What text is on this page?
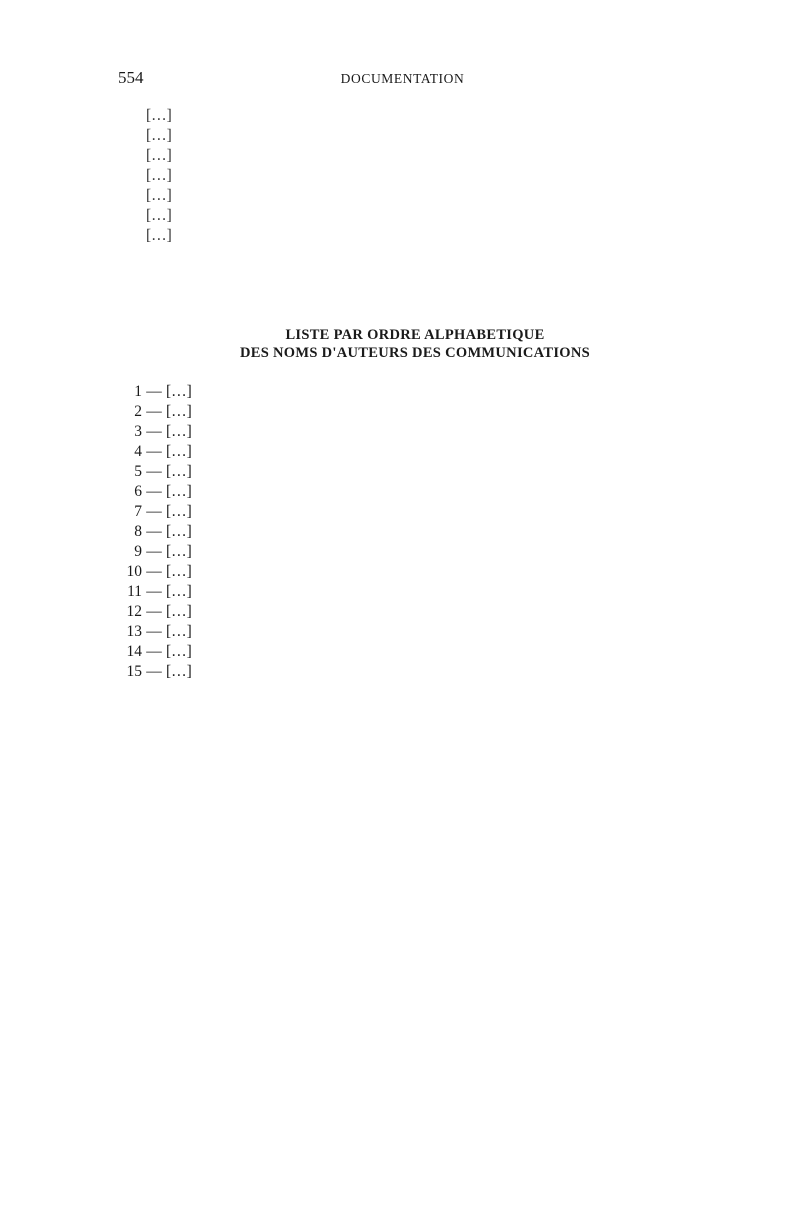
554	DOCUMENTATION

[…]

[…]

[…]

[…]

[…]

[…]

[…]

LISTE PAR ORDRE ALPHABETIQUE

DES NOMS D'AUTEURS DES COMMUNICATIONS

1 — […]
2 — […]
3 — […]
4 — […]
5 — […]
6 — […]
7 — […]
8 — […]
9 — […]
10 — […]
11 — […]
12 — […]
13 — […]
14 — […]
15 — […]
